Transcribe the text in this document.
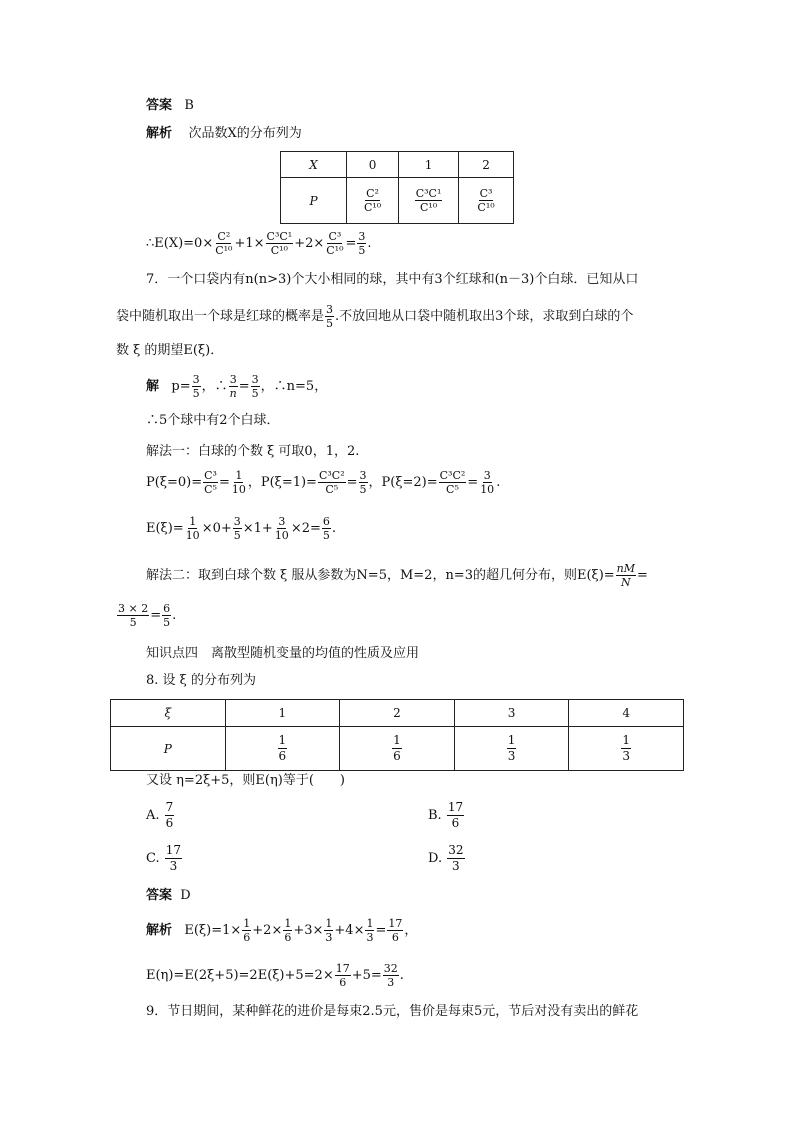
答案 B
解析 次品数X的分布列为
X	0	1	2
P	$\frac{\text{C²}}{\text{C¹⁰}}$	$\frac{\text{C³C¹}}{\text{C¹⁰}}$	$\frac{\text{C³}}{\text{C¹⁰}}$
∴E(X)=0× $\frac{\text{C²}}{\text{C¹⁰}} +1\times \frac{\text{C³C¹}}{\text{C¹⁰}} +2\times \frac{\text{C³}}{\text{C¹⁰}} = \frac{3}{5}$ .
7．一个口袋内有n(n>3)个大小相同的球，其中有3个红球和(n－3)个白球．已知从口
袋中随机取出一个球是红球的概率是 $\frac{3}{5}$ .不放回地从口袋中随机取出3个球，求取到白球的个
数 ξ 的期望E(ξ)．
解 $p= \frac{3}{5}$ ，∴ $\frac{3}{n} = \frac{3}{5}$ ，∴n=5，
∴5个球中有2个白球．
解法一：白球的个数 ξ 可取0，1，2.
$P(\xi=0)= \frac{\text{C³}}{\text{C⁵}} = \frac{1}{10}$ ，$P(\xi=1)= \frac{\text{C³C²}}{\text{C⁵}} = \frac{3}{5}$ ，$P(\xi=2)= \frac{\text{C³C²}}{\text{C⁵}} = \frac{3}{10}$ .
$E(\xi)= \frac{1}{10} \times 0+ \frac{3}{5} \times 1+ \frac{3}{10} \times 2= \frac{6}{5}$ .
解法二：取到白球个数 ξ 服从参数为N=5，M=2，n=3的超几何分布，则$E(\xi)= \frac{nM}{N}$ =
$\frac{3 \times 2}{5} = \frac{6}{5}$ .
知识点四　离散型随机变量的均值的性质及应用
8. 设 ξ 的分布列为
ξ	1	2	3	4
P	$\frac{1}{6}$	$\frac{1}{6}$	$\frac{1}{3}$	$\frac{1}{3}$
又设 η=2ξ+5，则E(η)等于(　　)
A. $\frac{7}{6}$	B. $\frac{17}{6}$
C. $\frac{17}{3}$	D. $\frac{32}{3}$
答案 D
解析 $E(\xi)=1\times \frac{1}{6} +2\times \frac{1}{6} +3\times \frac{1}{3} +4\times \frac{1}{3} = \frac{17}{6}$ ，
$E(\eta)=E(2\xi+5)=2E(\xi)+5=2\times \frac{17}{6} +5= \frac{32}{3}$ .
9．节日期间，某种鲜花的进价是每束2.5元，售价是每束5元，节后对没有卖出的鲜花
